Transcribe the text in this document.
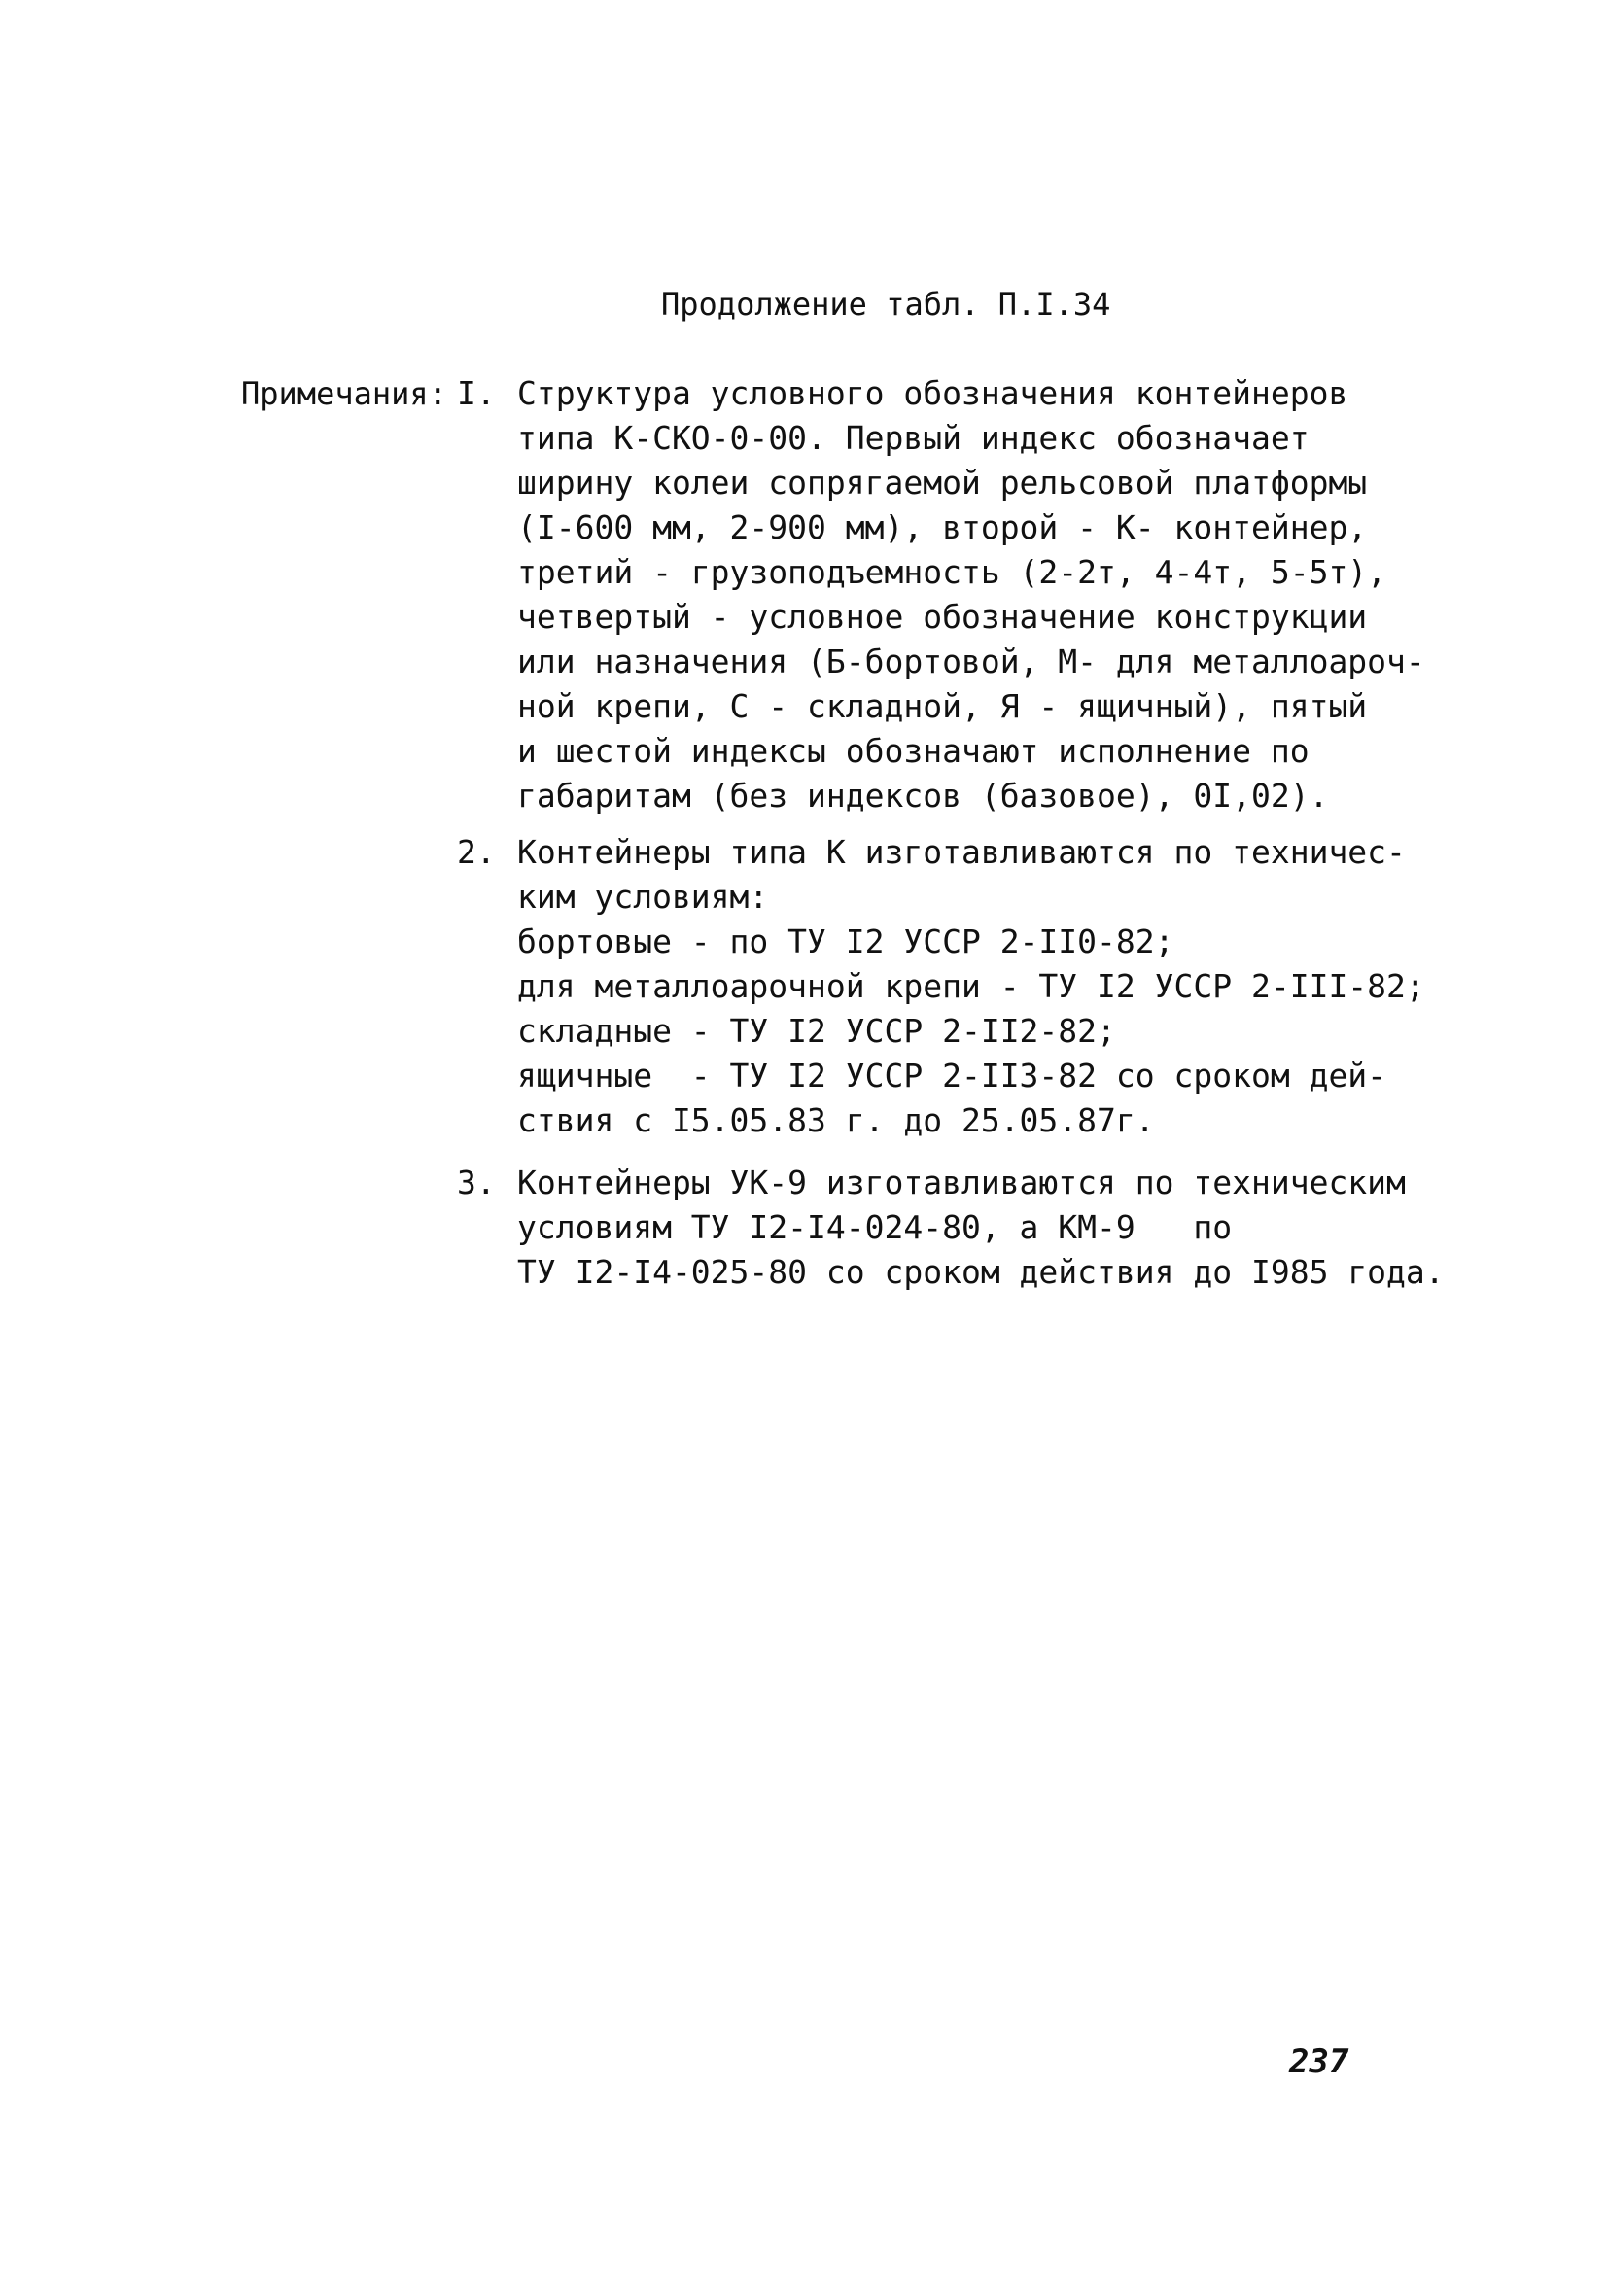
Продолжение табл. П.I.34
Примечания: I. Структура условного обозначения контейнеров
типа К-СКО-0-00. Первый индекс обозначает
ширину колеи сопрягаемой рельсовой платформы
(I-600 мм, 2-900 мм), второй - К- контейнер,
третий - грузоподъемность (2-2т, 4-4т, 5-5т),
четвертый - условное обозначение конструкции
или назначения (Б-бортовой, М- для металлоароч-
ной крепи, С - складной, Я - ящичный), пятый
и шестой индексы обозначают исполнение по
габаритам (без индексов (базовое), 0I,02).
2. Контейнеры типа К изготавливаются по техничес-
ким условиям:
бортовые - по ТУ I2 УССР 2-II0-82;
для металлоарочной крепи - ТУ I2 УССР 2-III-82;
складные - ТУ I2 УССР 2-II2-82;
ящичные  - ТУ I2 УССР 2-II3-82 со сроком дей-
ствия с I5.05.83 г. до 25.05.87г.
3. Контейнеры УК-9 изготавливаются по техническим
условиям ТУ I2-I4-024-80, а КМ-9   по
ТУ I2-I4-025-80 со сроком действия до I985 года.
237
